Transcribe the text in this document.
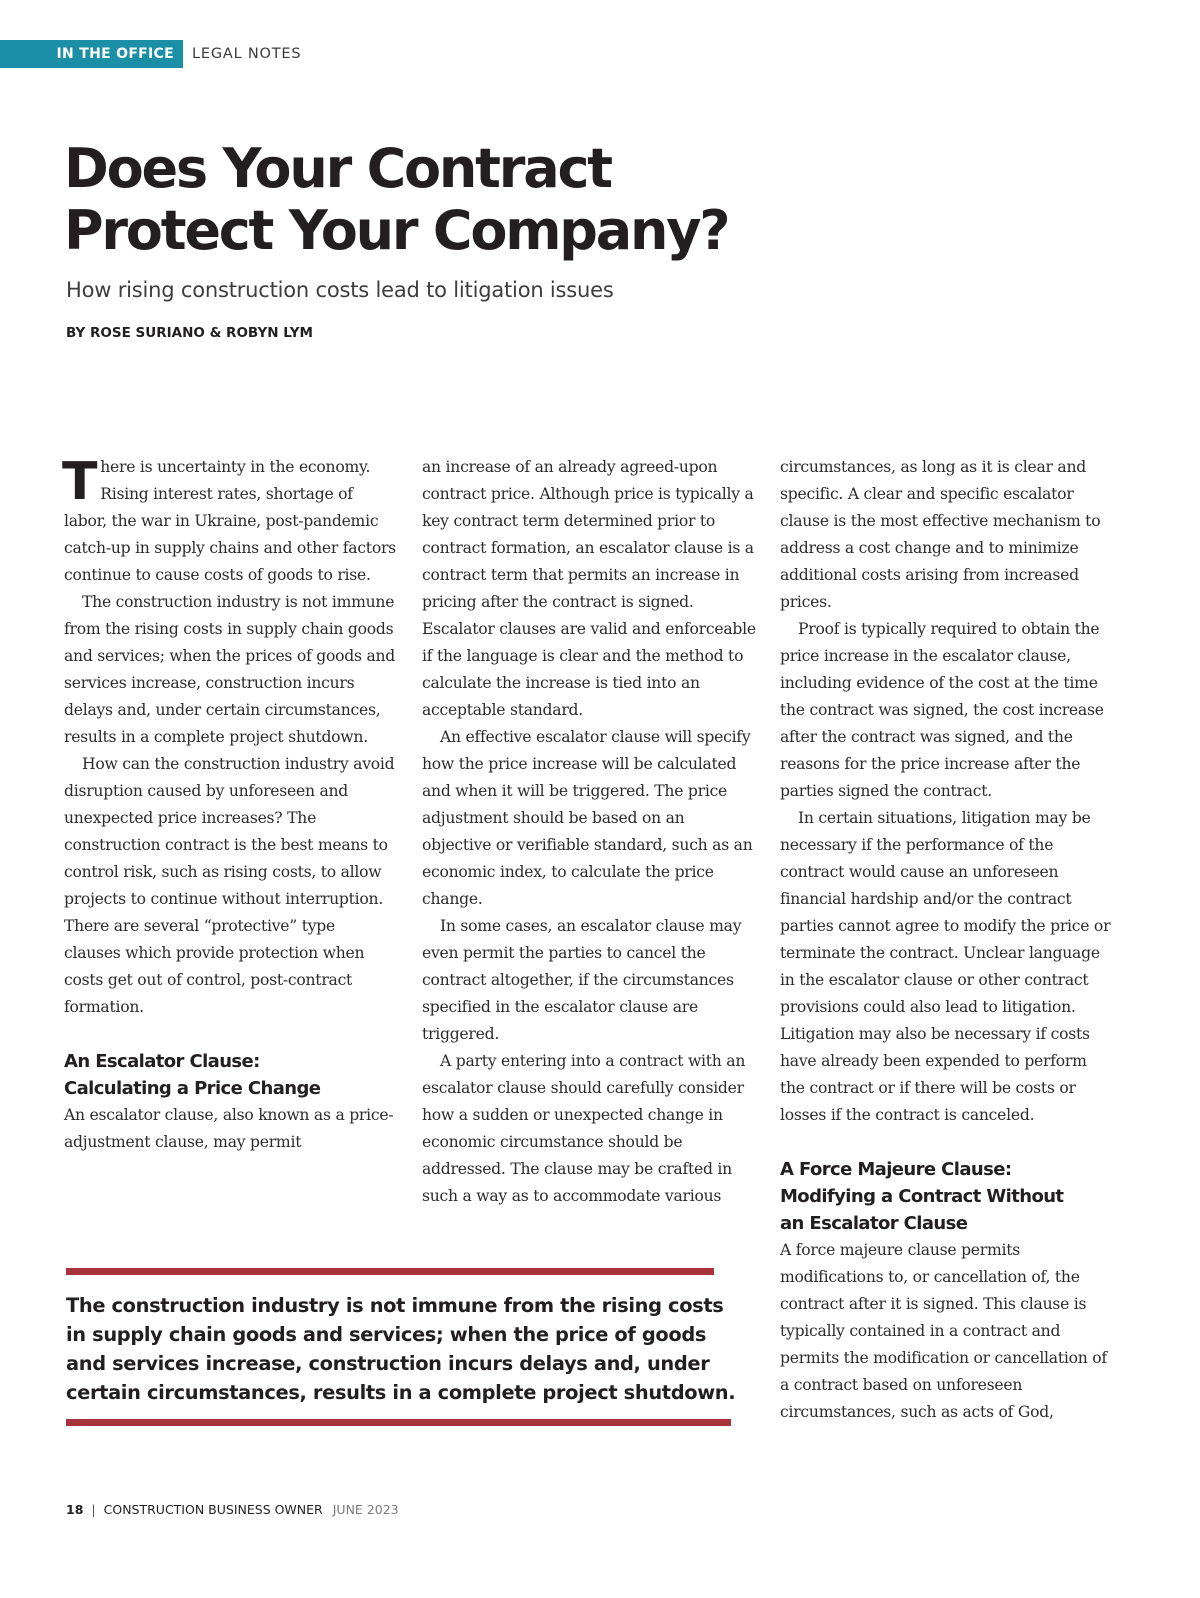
IN THE OFFICE	LEGAL NOTES
Does Your Contract
Protect Your Company?

How rising construction costs lead to litigation issues

BY ROSE SURIANO & ROBYN LYM

There is uncertainty in the economy. Rising interest rates, shortage of labor, the war in Ukraine, post-pandemic catch-up in supply chains and other factors continue to cause costs of goods to rise.

The construction industry is not immune from the rising costs in supply chain goods and services; when the prices of goods and services increase, construction incurs delays and, under certain circumstances, results in a complete project shutdown.

How can the construction industry avoid disruption caused by unforeseen and unexpected price increases? The construction contract is the best means to control risk, such as rising costs, to allow projects to continue without interruption. There are several “protective” type clauses which provide protection when costs get out of control, post-contract formation.

An Escalator Clause:
Calculating a Price Change

An escalator clause, also known as a price-adjustment clause, may permit

an increase of an already agreed-upon contract price. Although price is typically a key contract term determined prior to contract formation, an escalator clause is a contract term that permits an increase in pricing after the contract is signed. Escalator clauses are valid and enforceable if the language is clear and the method to calculate the increase is tied into an acceptable standard.

An effective escalator clause will specify how the price increase will be calculated and when it will be triggered. The price adjustment should be based on an objective or verifiable standard, such as an economic index, to calculate the price change.

In some cases, an escalator clause may even permit the parties to cancel the contract altogether, if the circumstances specified in the escalator clause are triggered.

A party entering into a contract with an escalator clause should carefully consider how a sudden or unexpected change in economic circumstance should be addressed. The clause may be crafted in such a way as to accommodate various

circumstances, as long as it is clear and specific. A clear and specific escalator clause is the most effective mechanism to address a cost change and to minimize additional costs arising from increased prices.

Proof is typically required to obtain the price increase in the escalator clause, including evidence of the cost at the time the contract was signed, the cost increase after the contract was signed, and the reasons for the price increase after the parties signed the contract.

In certain situations, litigation may be necessary if the performance of the contract would cause an unforeseen financial hardship and/or the contract parties cannot agree to modify the price or terminate the contract. Unclear language in the escalator clause or other contract provisions could also lead to litigation. Litigation may also be necessary if costs have already been expended to perform the contract or if there will be costs or losses if the contract is canceled.

A Force Majeure Clause:
Modifying a Contract Without
an Escalator Clause

A force majeure clause permits modifications to, or cancellation of, the contract after it is signed. This clause is typically contained in a contract and permits the modification or cancellation of a contract based on unforeseen circumstances, such as acts of God,

The construction industry is not immune from the rising costs
in supply chain goods and services; when the price of goods
and services increase, construction incurs delays and, under
certain circumstances, results in a complete project shutdown.

18 | CONSTRUCTION BUSINESS OWNER JUNE 2023
